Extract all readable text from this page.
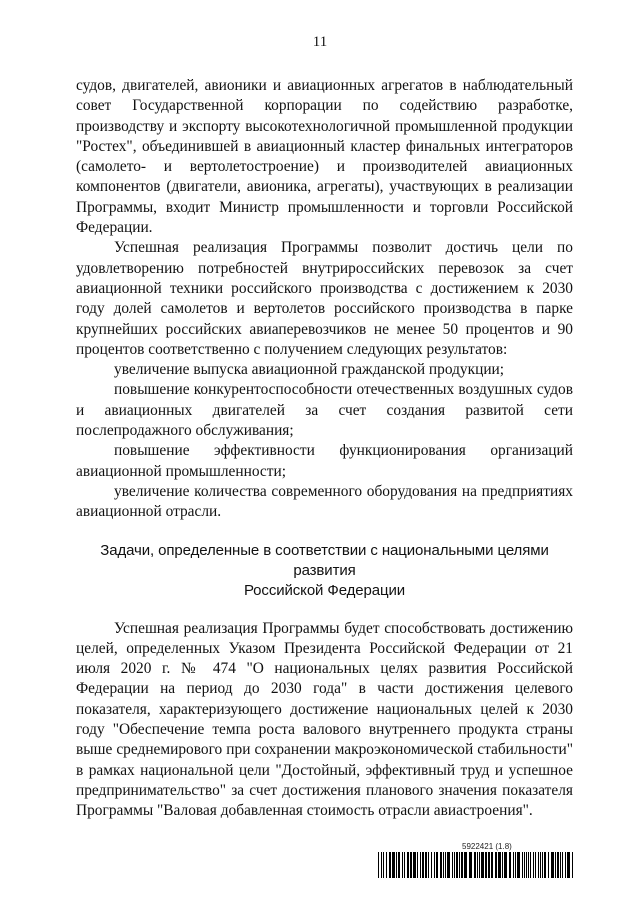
11

судов, двигателей, авионики и авиационных агрегатов в наблюдательный совет Государственной корпорации по содействию разработке, производству и экспорту высокотехнологичной промышленной продукции "Ростех", объединившей в авиационный кластер финальных интеграторов (самолето- и вертолетостроение) и производителей авиационных компонентов (двигатели, авионика, агрегаты), участвующих в реализации Программы, входит Министр промышленности и торговли Российской Федерации.

Успешная реализация Программы позволит достичь цели по удовлетворению потребностей внутрироссийских перевозок за счет авиационной техники российского производства с достижением к 2030 году долей самолетов и вертолетов российского производства в парке крупнейших российских авиаперевозчиков не менее 50 процентов и 90 процентов соответственно с получением следующих результатов:

увеличение выпуска авиационной гражданской продукции;

повышение конкурентоспособности отечественных воздушных судов и авиационных двигателей за счет создания развитой сети послепродажного обслуживания;

повышение эффективности функционирования организаций авиационной промышленности;

увеличение количества современного оборудования на предприятиях авиационной отрасли.

Задачи, определенные в соответствии с национальными целями развития
Российской Федерации

Успешная реализация Программы будет способствовать достижению целей, определенных Указом Президента Российской Федерации от 21 июля 2020 г. № 474 "О национальных целях развития Российской Федерации на период до 2030 года" в части достижения целевого показателя, характеризующего достижение национальных целей к 2030 году "Обеспечение темпа роста валового внутреннего продукта страны выше среднемирового при сохранении макроэкономической стабильности" в рамках национальной цели "Достойный, эффективный труд и успешное предпринимательство" за счет достижения планового значения показателя Программы "Валовая добавленная стоимость отрасли авиастроения".

5922421 (1.8)
